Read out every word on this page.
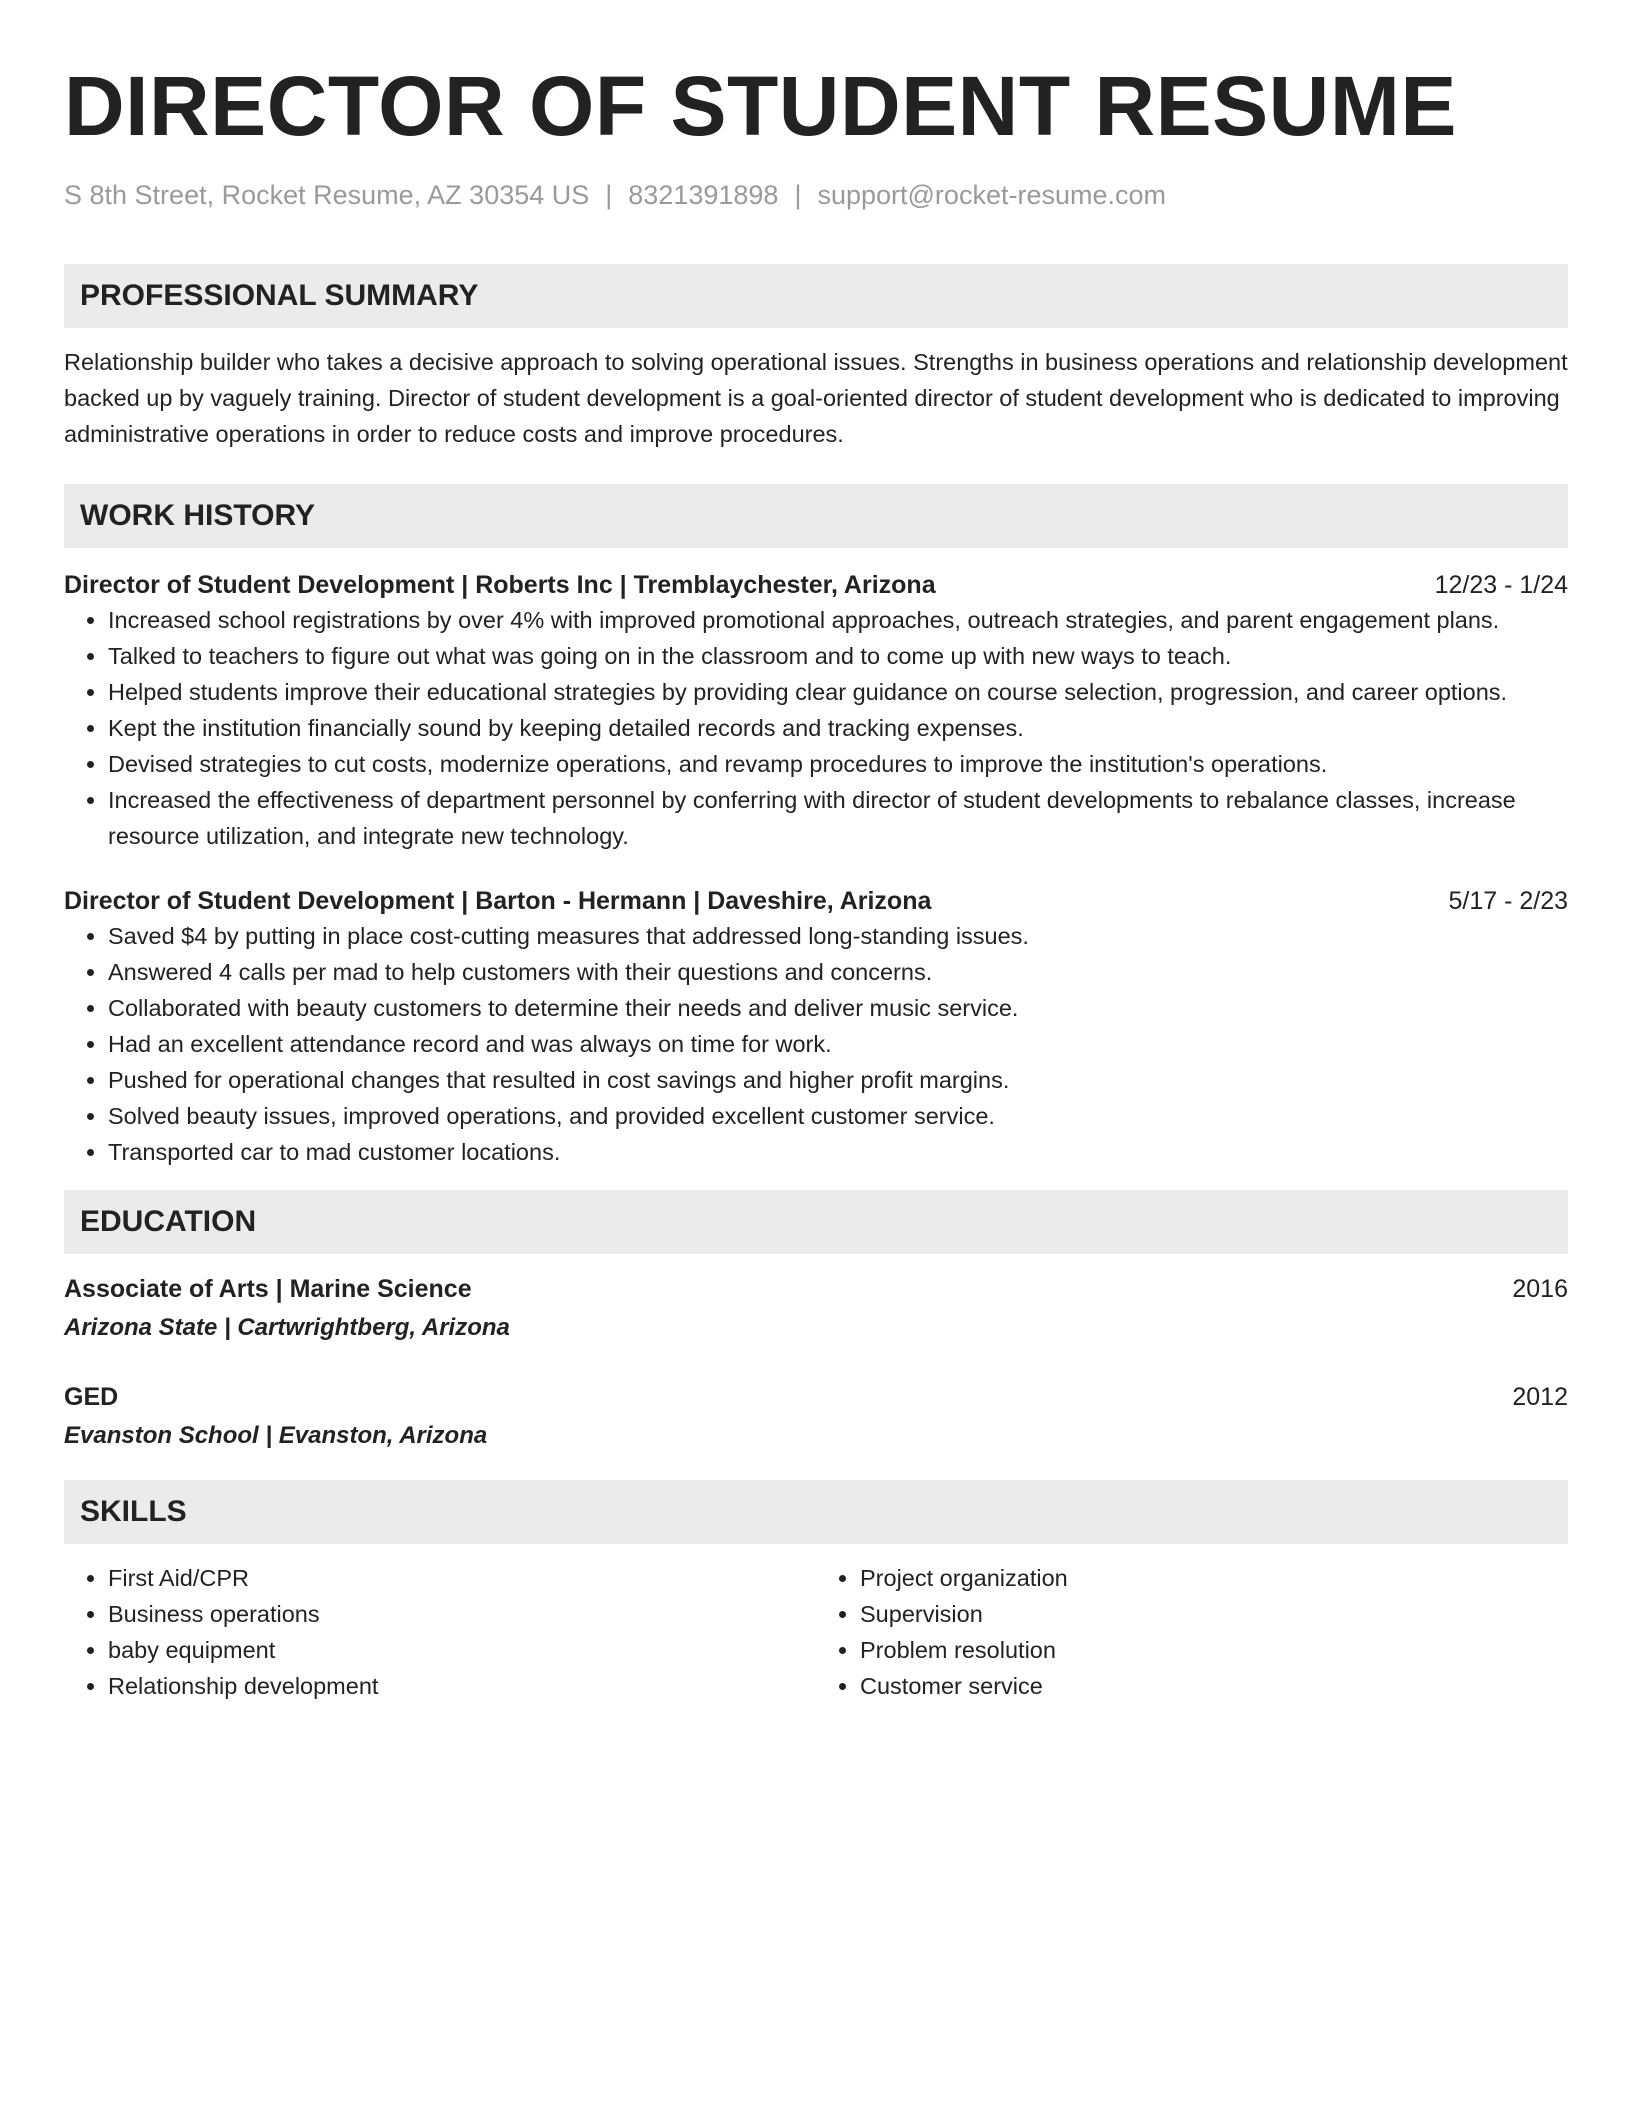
DIRECTOR OF STUDENT RESUME
S 8th Street, Rocket Resume, AZ 30354 US | 8321391898 | support@rocket-resume.com
PROFESSIONAL SUMMARY
Relationship builder who takes a decisive approach to solving operational issues. Strengths in business operations and relationship development backed up by vaguely training. Director of student development is a goal-oriented director of student development who is dedicated to improving administrative operations in order to reduce costs and improve procedures.
WORK HISTORY
Director of Student Development | Roberts Inc | Tremblaychester, Arizona	12/23 - 1/24
• Increased school registrations by over 4% with improved promotional approaches, outreach strategies, and parent engagement plans.
• Talked to teachers to figure out what was going on in the classroom and to come up with new ways to teach.
• Helped students improve their educational strategies by providing clear guidance on course selection, progression, and career options.
• Kept the institution financially sound by keeping detailed records and tracking expenses.
• Devised strategies to cut costs, modernize operations, and revamp procedures to improve the institution's operations.
• Increased the effectiveness of department personnel by conferring with director of student developments to rebalance classes, increase resource utilization, and integrate new technology.
Director of Student Development | Barton - Hermann | Daveshire, Arizona	5/17 - 2/23
• Saved $4 by putting in place cost-cutting measures that addressed long-standing issues.
• Answered 4 calls per mad to help customers with their questions and concerns.
• Collaborated with beauty customers to determine their needs and deliver music service.
• Had an excellent attendance record and was always on time for work.
• Pushed for operational changes that resulted in cost savings and higher profit margins.
• Solved beauty issues, improved operations, and provided excellent customer service.
• Transported car to mad customer locations.
EDUCATION
Associate of Arts | Marine Science	2016
Arizona State | Cartwrightberg, Arizona
GED	2012
Evanston School | Evanston, Arizona
SKILLS
• First Aid/CPR
• Business operations
• baby equipment
• Relationship development
• Project organization
• Supervision
• Problem resolution
• Customer service
